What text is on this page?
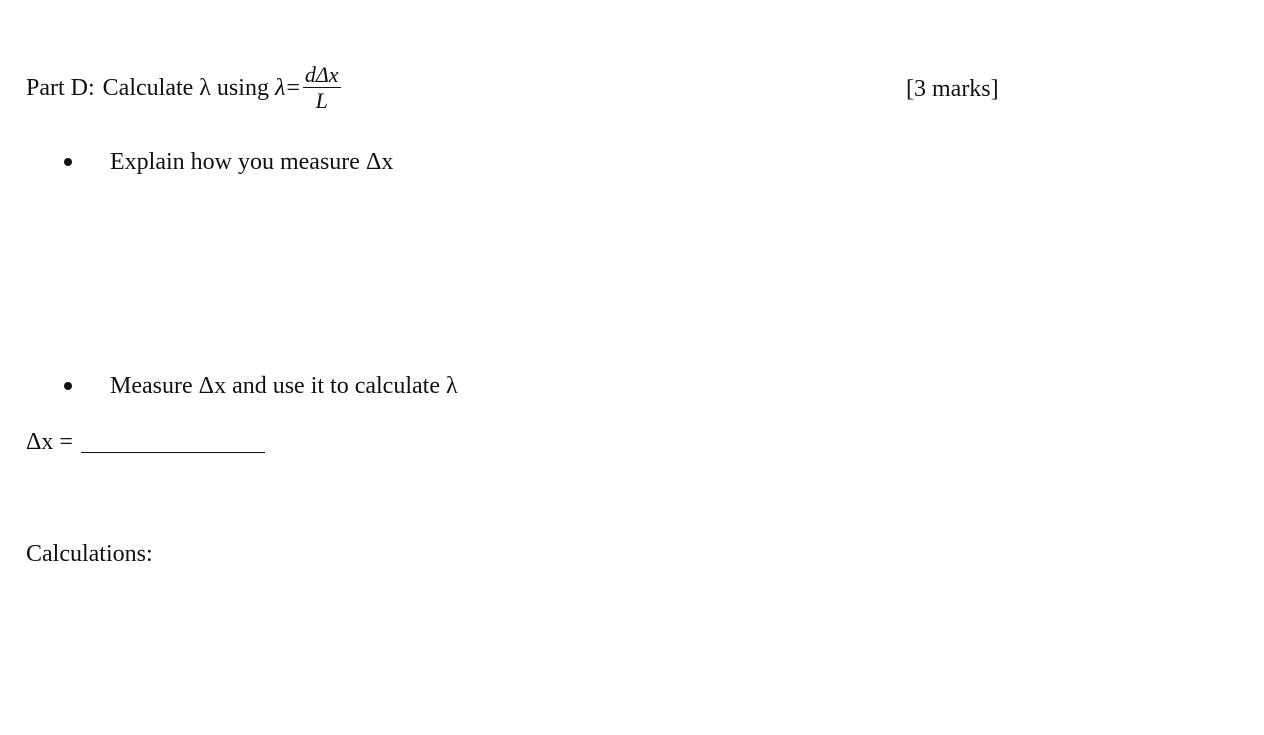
Part D: Calculate λ using $\lambda = \frac{\text{dΔx}}{L}$	[3 marks]
Explain how you measure Δx
Measure Δx and use it to calculate λ
Δx =
Calculations:
